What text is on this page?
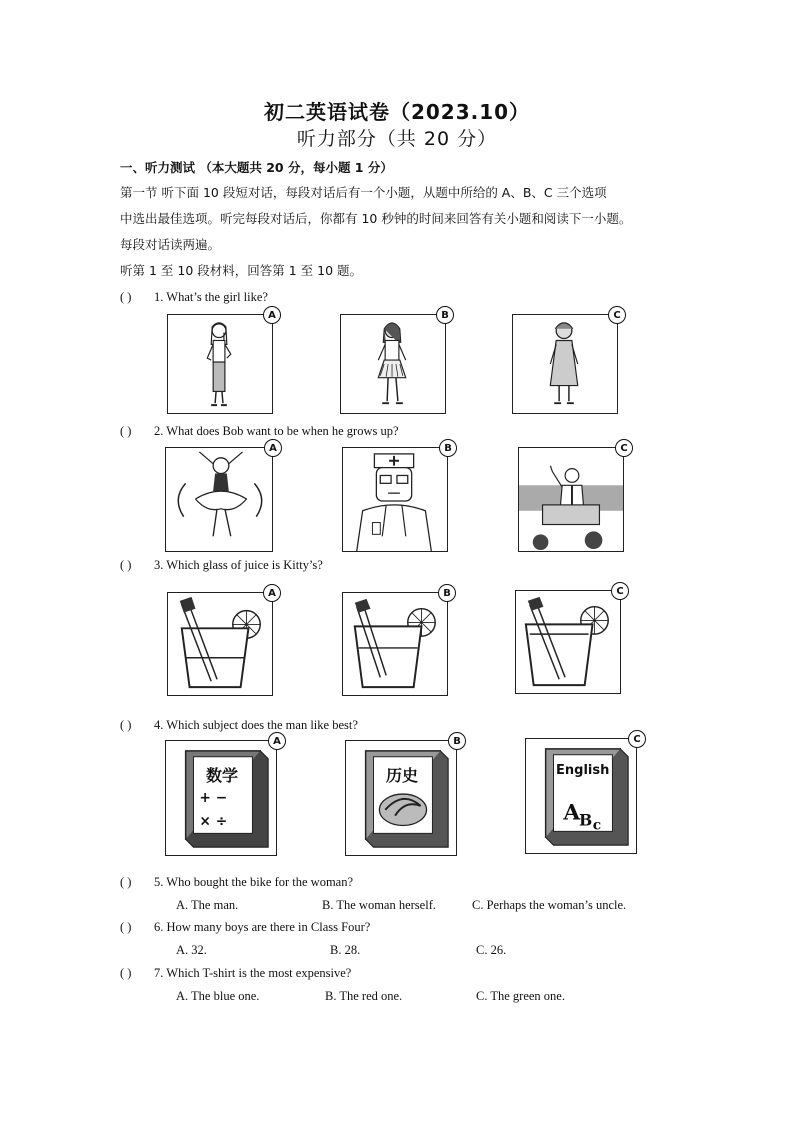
初二英语试卷（2023.10）
听力部分（共 20 分）
一、听力测试 （本大题共 20 分，每小题 1 分）
第一节 听下面 10 段短对话，每段对话后有一个小题，从题中所给的 A、B、C 三个选项
中选出最佳选项。听完每段对话后，你都有 10 秒钟的时间来回答有关小题和阅读下一小题。
每段对话读两遍。
听第 1 至 10 段材料，回答第 1 至 10 题。
( ) 1. What’s the girl like?
A	B	C
( ) 2. What does Bob want to be when he grows up?
A	B	C
( ) 3. Which glass of juice is Kitty’s?
A	B	C
( ) 4. Which subject does the man like best?
+ −
× ÷
数学
A
历史
B
A
B c
English
C
( ) 5. Who bought the bike for the woman?
A. The man.	B. The woman herself.	C. Perhaps the woman’s uncle.
( ) 6. How many boys are there in Class Four?
A. 32.	B. 28.	C. 26.
( ) 7. Which T-shirt is the most expensive?
A. The blue one.	B. The red one.	C. The green one.
